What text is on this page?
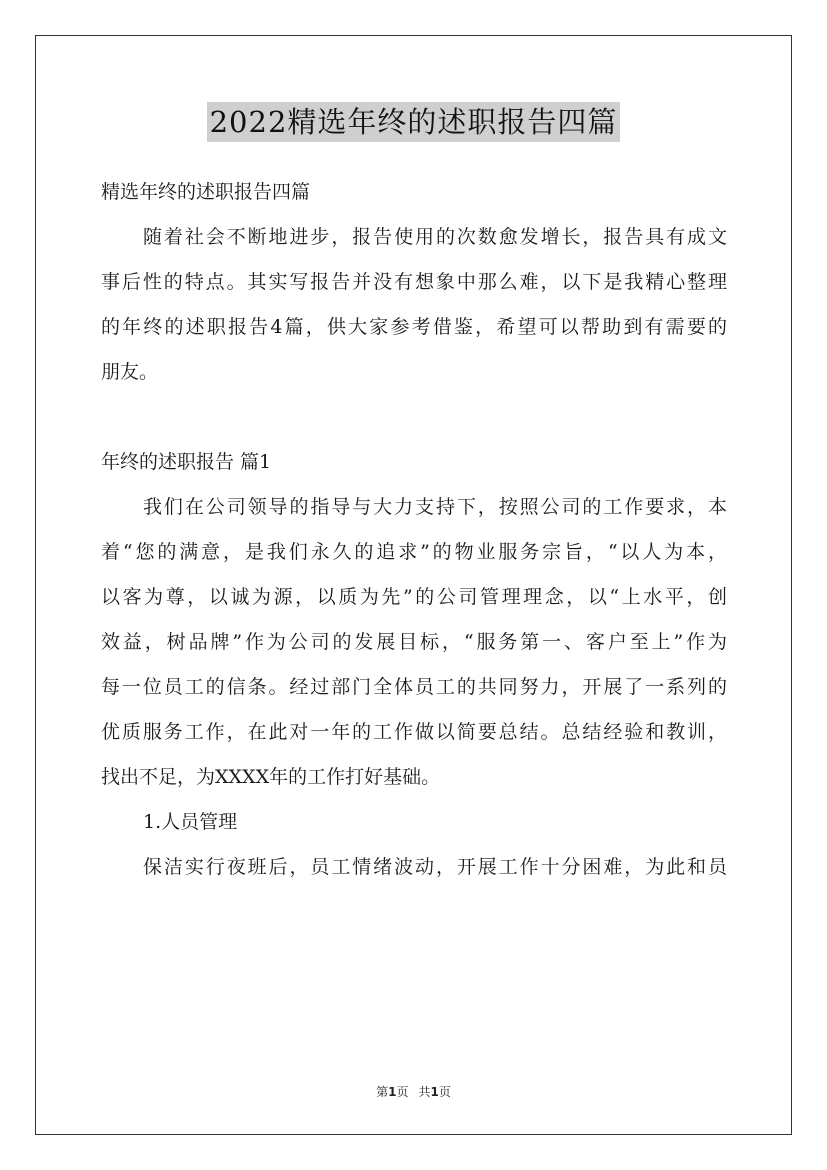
2022精选年终的述职报告四篇
精选年终的述职报告四篇
随着社会不断地进步，报告使用的次数愈发增长，报告具有成文
事后性的特点。其实写报告并没有想象中那么难，以下是我精心整理
的年终的述职报告4篇，供大家参考借鉴，希望可以帮助到有需要的
朋友。
年终的述职报告 篇1
我们在公司领导的指导与大力支持下，按照公司的工作要求，本
着“您的满意，是我们永久的追求”的物业服务宗旨，“以人为本，
以客为尊，以诚为源，以质为先”的公司管理理念，以“上水平，创
效益，树品牌”作为公司的发展目标，“服务第一、客户至上”作为
每一位员工的信条。经过部门全体员工的共同努力，开展了一系列的
优质服务工作，在此对一年的工作做以简要总结。总结经验和教训，
找出不足，为XXXX年的工作打好基础。
1.人员管理
保洁实行夜班后，员工情绪波动，开展工作十分困难，为此和员
第1页 共1页
